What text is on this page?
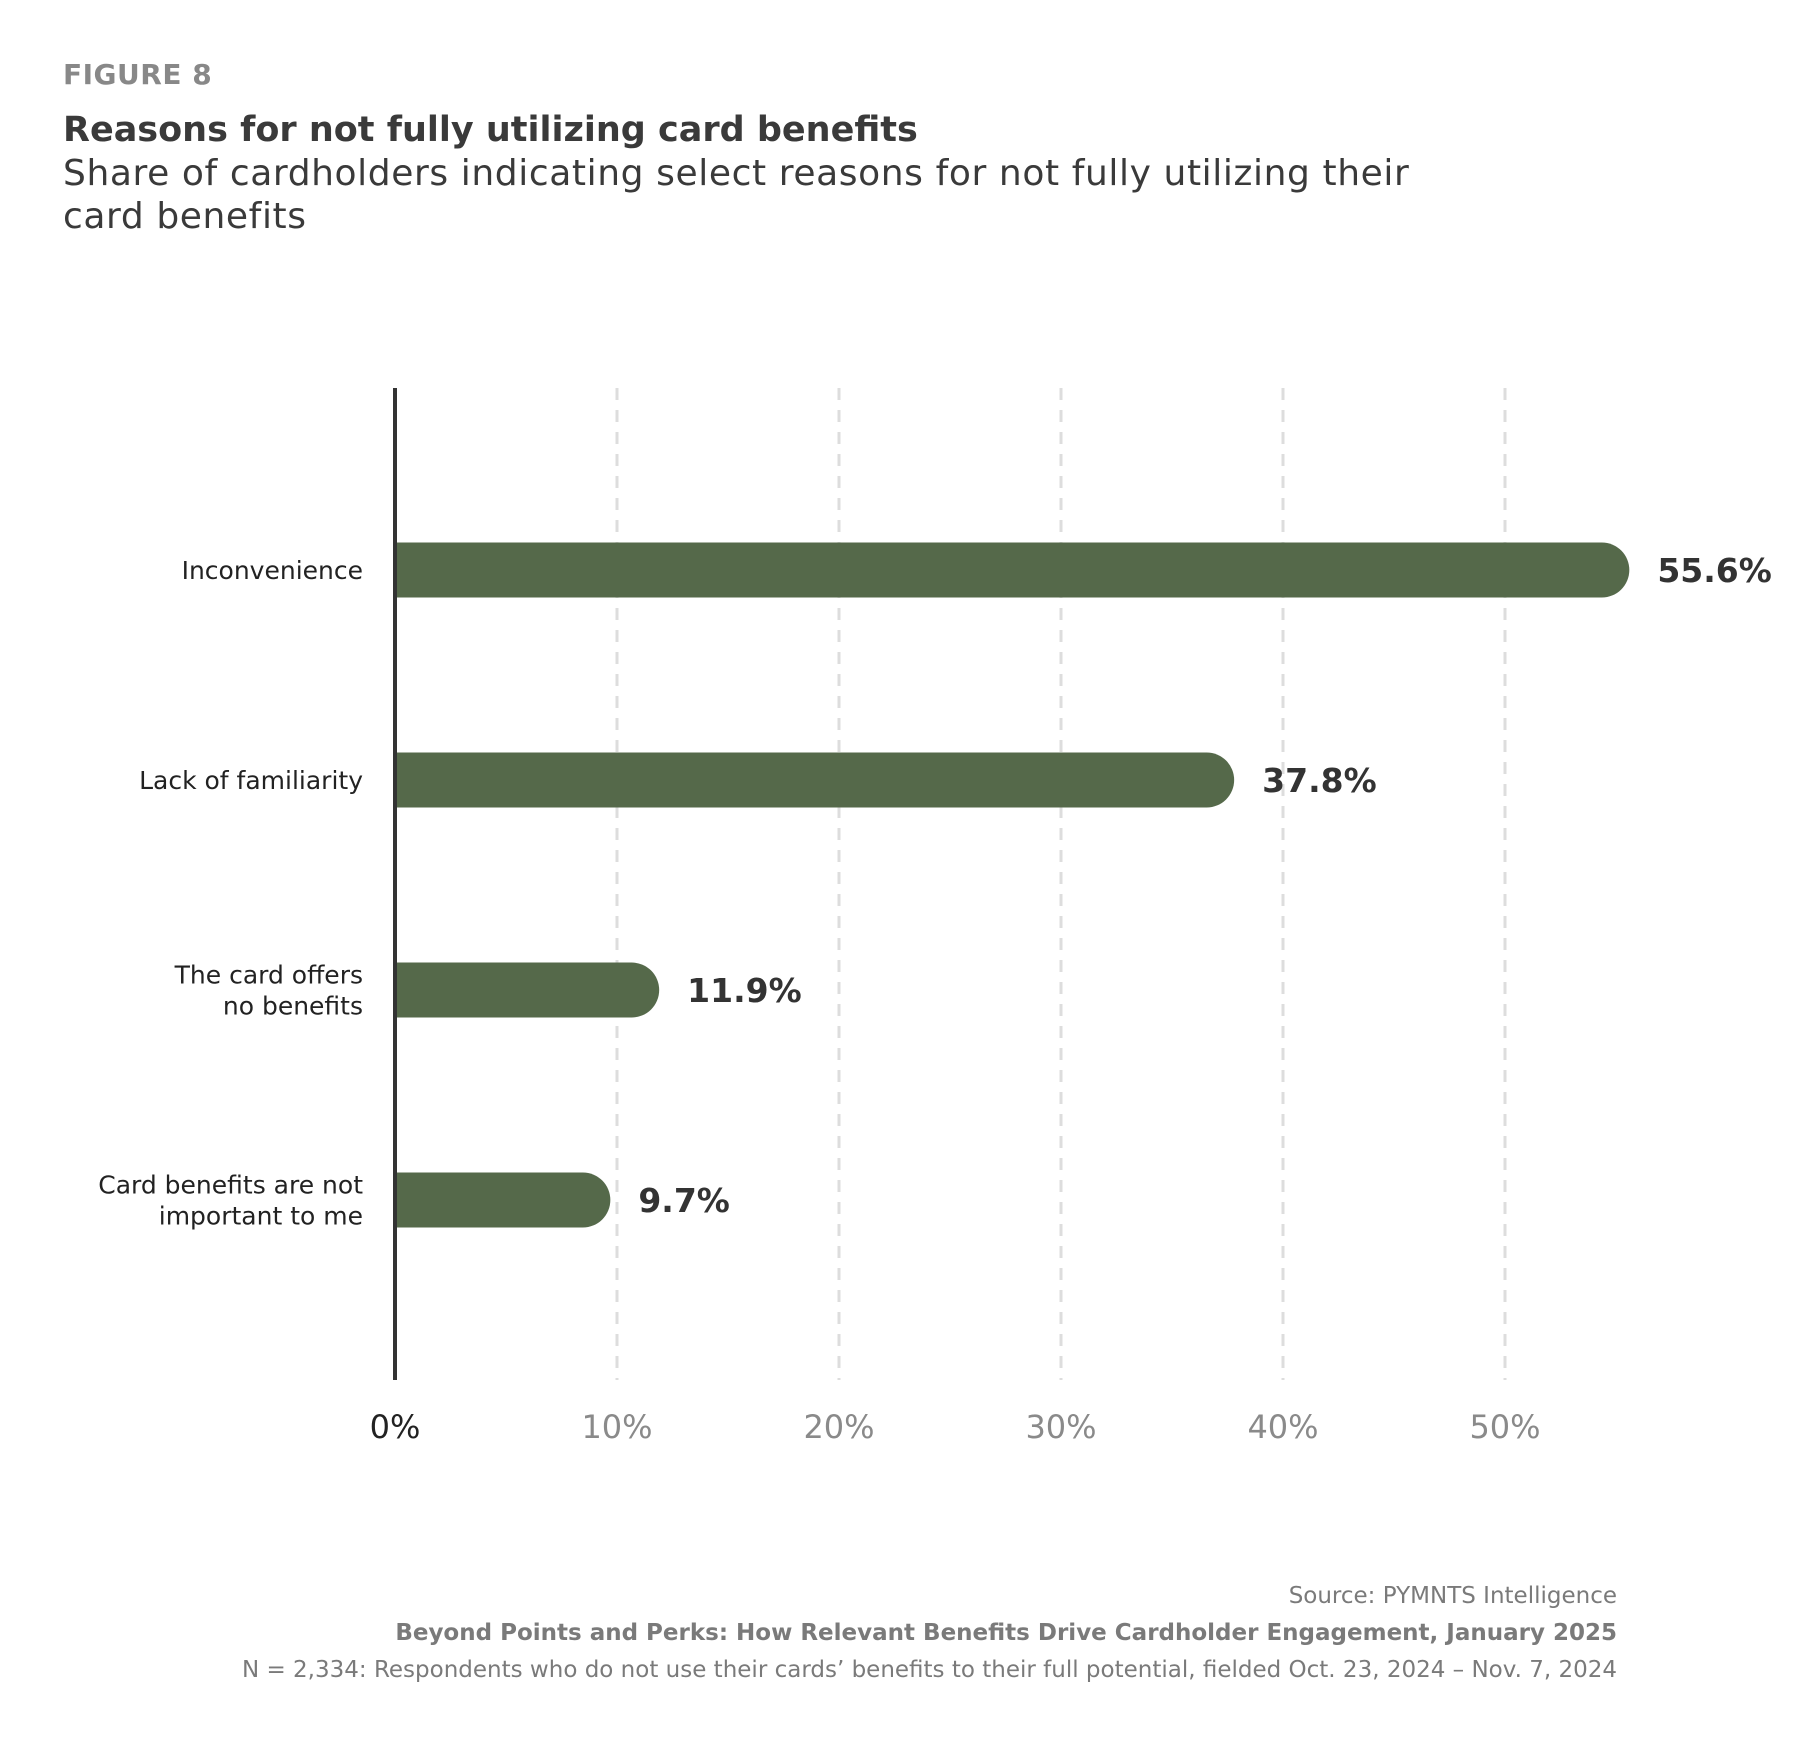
FIGURE 8
Reasons for not fully utilizing card benefits
Share of cardholders indicating select reasons for not fully utilizing their card benefits
Inconvenience
Lack of familiarity
The card offers no benefits
Card benefits are not important to me
55.6%
37.8%
11.9%
9.7%
0%	10%	20%	30%	40%	50%
Source: PYMNTS Intelligence
Beyond Points and Perks: How Relevant Benefits Drive Cardholder Engagement, January 2025
N = 2,334: Respondents who do not use their cards’ benefits to their full potential, fielded Oct. 23, 2024 – Nov. 7, 2024
